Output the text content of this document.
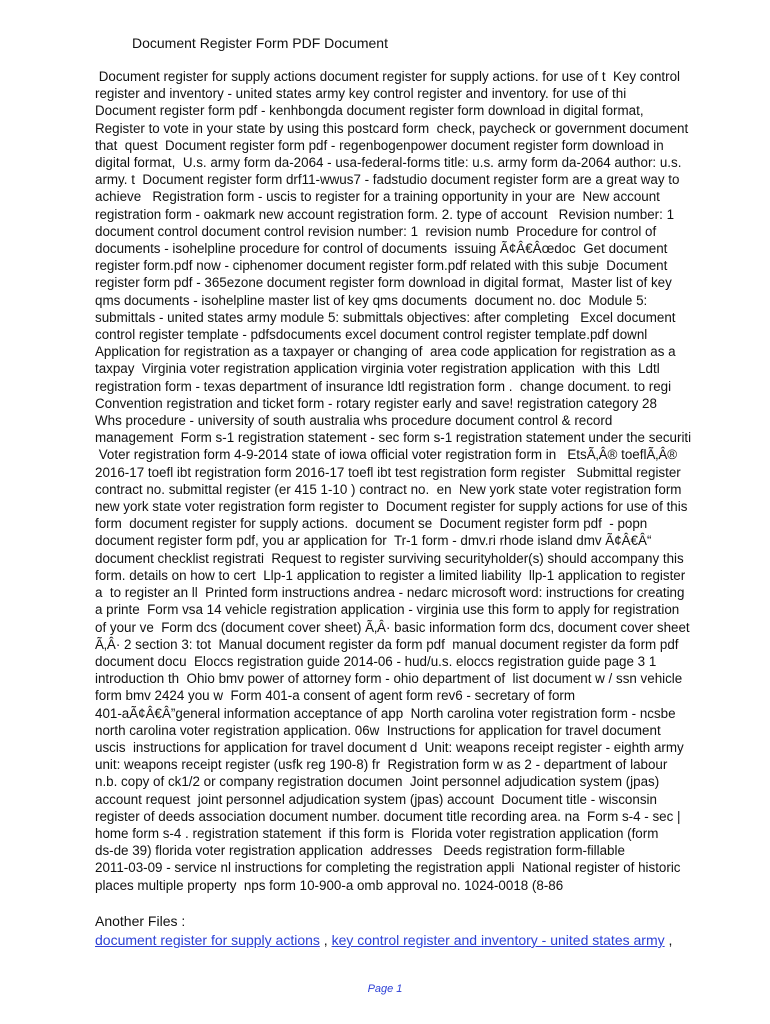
Document Register Form PDF Document
Document register for supply actions document register for supply actions. for use of t  Key control
register and inventory - united states army key control register and inventory. for use of thi
Document register form pdf - kenhbongda document register form download in digital format,
Register to vote in your state by using this postcard form  check, paycheck or government document
that  quest  Document register form pdf - regenbogenpower document register form download in
digital format,  U.s. army form da-2064 - usa-federal-forms title: u.s. army form da-2064 author: u.s.
army. t  Document register form drf11-wwus7 - fadstudio document register form are a great way to
achieve   Registration form - uscis to register for a training opportunity in your are  New account
registration form - oakmark new account registration form. 2. type of account   Revision number: 1
document control document control revision number: 1  revision numb  Procedure for control of
documents - isohelpline procedure for control of documents  issuing Ã¢Â€Âœdoc  Get document
register form.pdf now - ciphenomer document register form.pdf related with this subje  Document
register form pdf - 365ezone document register form download in digital format,  Master list of key
qms documents - isohelpline master list of key qms documents  document no. doc  Module 5:
submittals - united states army module 5: submittals objectives: after completing   Excel document
control register template - pdfsdocuments excel document control register template.pdf downl
Application for registration as a taxpayer or changing of  area code application for registration as a
taxpay  Virginia voter registration application virginia voter registration application  with this  Ldtl
registration form - texas department of insurance ldtl registration form .  change document. to regi
Convention registration and ticket form - rotary register early and save! registration category 28
Whs procedure - university of south australia whs procedure document control & record
management  Form s-1 registration statement - sec form s-1 registration statement under the securiti
Voter registration form 4-9-2014 state of iowa official voter registration form in   EtsÃ‚Â® toeflÃ‚Â®
2016-17 toefl ibt registration form 2016-17 toefl ibt test registration form register   Submittal register
contract no. submittal register (er 415 1-10 ) contract no.  en  New york state voter registration form
new york state voter registration form register to  Document register for supply actions for use of this
form  document register for supply actions.  document se  Document register form pdf  - popn
document register form pdf, you ar application for  Tr-1 form - dmv.ri rhode island dmv Ã¢Â€Â“
document checklist registrati  Request to register surviving securityholder(s) should accompany this
form. details on how to cert  Llp-1 application to register a limited liability  llp-1 application to register
a  to register an ll  Printed form instructions andrea - nedarc microsoft word: instructions for creating
a printe  Form vsa 14 vehicle registration application - virginia use this form to apply for registration
of your ve  Form dcs (document cover sheet) Ã‚Â· basic information form dcs, document cover sheet
Ã‚Â· 2 section 3: tot  Manual document register da form pdf  manual document register da form pdf
document docu  Eloccs registration guide 2014-06 - hud/u.s. eloccs registration guide page 3 1
introduction th  Ohio bmv power of attorney form - ohio department of  list document w / ssn vehicle
form bmv 2424 you w  Form 401-a consent of agent form rev6 - secretary of form
401-aÃ¢Â€Â”general information acceptance of app  North carolina voter registration form - ncsbe
north carolina voter registration application. 06w  Instructions for application for travel document
uscis  instructions for application for travel document d  Unit: weapons receipt register - eighth army
unit: weapons receipt register (usfk reg 190-8) fr  Registration form w as 2 - department of labour
n.b. copy of ck1/2 or company registration documen  Joint personnel adjudication system (jpas)
account request  joint personnel adjudication system (jpas) account  Document title - wisconsin
register of deeds association document number. document title recording area. na  Form s-4 - sec |
home form s-4 . registration statement  if this form is  Florida voter registration application (form
ds-de 39) florida voter registration application  addresses   Deeds registration form-fillable
2011-03-09 - service nl instructions for completing the registration appli  National register of historic
places multiple property  nps form 10-900-a omb approval no. 1024-0018 (8-86
Another Files :
document register for supply actions , key control register and inventory - united states army ,
Page 1
